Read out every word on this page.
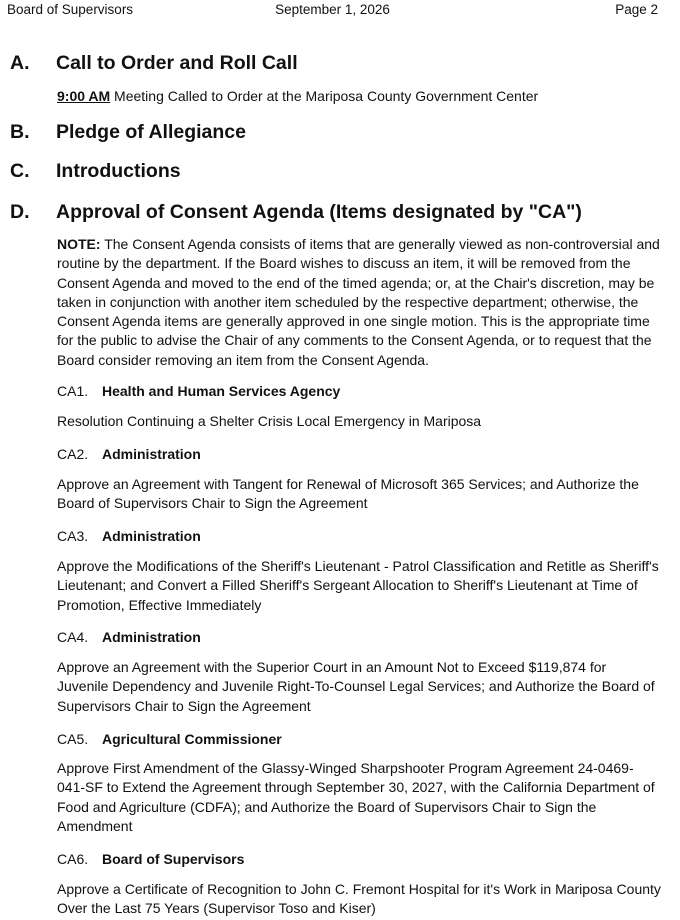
Board of Supervisors	September 1, 2026	Page 2
A. Call to Order and Roll Call
9:00 AM Meeting Called to Order at the Mariposa County Government Center
B. Pledge of Allegiance
C. Introductions
D. Approval of Consent Agenda (Items designated by "CA")
NOTE: The Consent Agenda consists of items that are generally viewed as non-controversial and routine by the department. If the Board wishes to discuss an item, it will be removed from the Consent Agenda and moved to the end of the timed agenda; or, at the Chair's discretion, may be taken in conjunction with another item scheduled by the respective department; otherwise, the Consent Agenda items are generally approved in one single motion. This is the appropriate time for the public to advise the Chair of any comments to the Consent Agenda, or to request that the Board consider removing an item from the Consent Agenda.
CA1. Health and Human Services Agency
Resolution Continuing a Shelter Crisis Local Emergency in Mariposa
CA2. Administration
Approve an Agreement with Tangent for Renewal of Microsoft 365 Services; and Authorize the Board of Supervisors Chair to Sign the Agreement
CA3. Administration
Approve the Modifications of the Sheriff's Lieutenant - Patrol Classification and Retitle as Sheriff's Lieutenant; and Convert a Filled Sheriff's Sergeant Allocation to Sheriff's Lieutenant at Time of Promotion, Effective Immediately
CA4. Administration
Approve an Agreement with the Superior Court in an Amount Not to Exceed $119,874 for Juvenile Dependency and Juvenile Right-To-Counsel Legal Services; and Authorize the Board of Supervisors Chair to Sign the Agreement
CA5. Agricultural Commissioner
Approve First Amendment of the Glassy-Winged Sharpshooter Program Agreement 24-0469-041-SF to Extend the Agreement through September 30, 2027, with the California Department of Food and Agriculture (CDFA); and Authorize the Board of Supervisors Chair to Sign the Amendment
CA6. Board of Supervisors
Approve a Certificate of Recognition to John C. Fremont Hospital for it's Work in Mariposa County Over the Last 75 Years (Supervisor Toso and Kiser)
